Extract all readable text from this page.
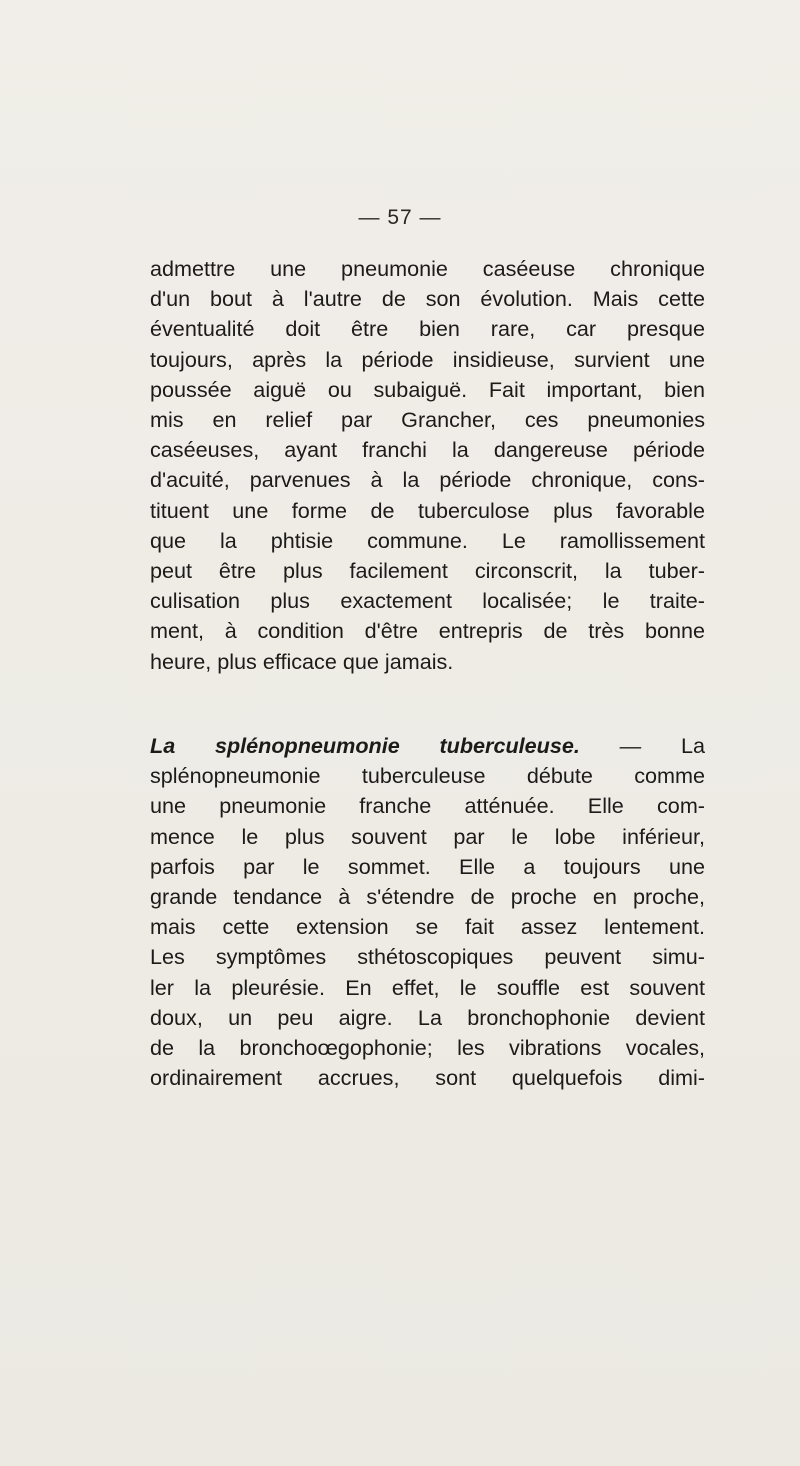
— 57 —
admettre une pneumonie caséeuse chronique
d'un bout à l'autre de son évolution. Mais cette
éventualité doit être bien rare, car presque
toujours, après la période insidieuse, survient une
poussée aiguë ou subaiguë. Fait important, bien
mis en relief par Grancher, ces pneumonies
caséeuses, ayant franchi la dangereuse période
d'acuité, parvenues à la période chronique, cons-
tituent une forme de tuberculose plus favorable
que la phtisie commune. Le ramollissement
peut être plus facilement circonscrit, la tuber-
culisation plus exactement localisée; le traite-
ment, à condition d'être entrepris de très bonne
heure, plus efficace que jamais.
La splénopneumonie tuberculeuse. — La
splénopneumonie tuberculeuse débute comme
une pneumonie franche atténuée. Elle com-
mence le plus souvent par le lobe inférieur,
parfois par le sommet. Elle a toujours une
grande tendance à s'étendre de proche en proche,
mais cette extension se fait assez lentement.
Les symptômes sthétoscopiques peuvent simu-
ler la pleurésie. En effet, le souffle est souvent
doux, un peu aigre. La bronchophonie devient
de la bronchoœgophonie; les vibrations vocales,
ordinairement accrues, sont quelquefois dimi-
